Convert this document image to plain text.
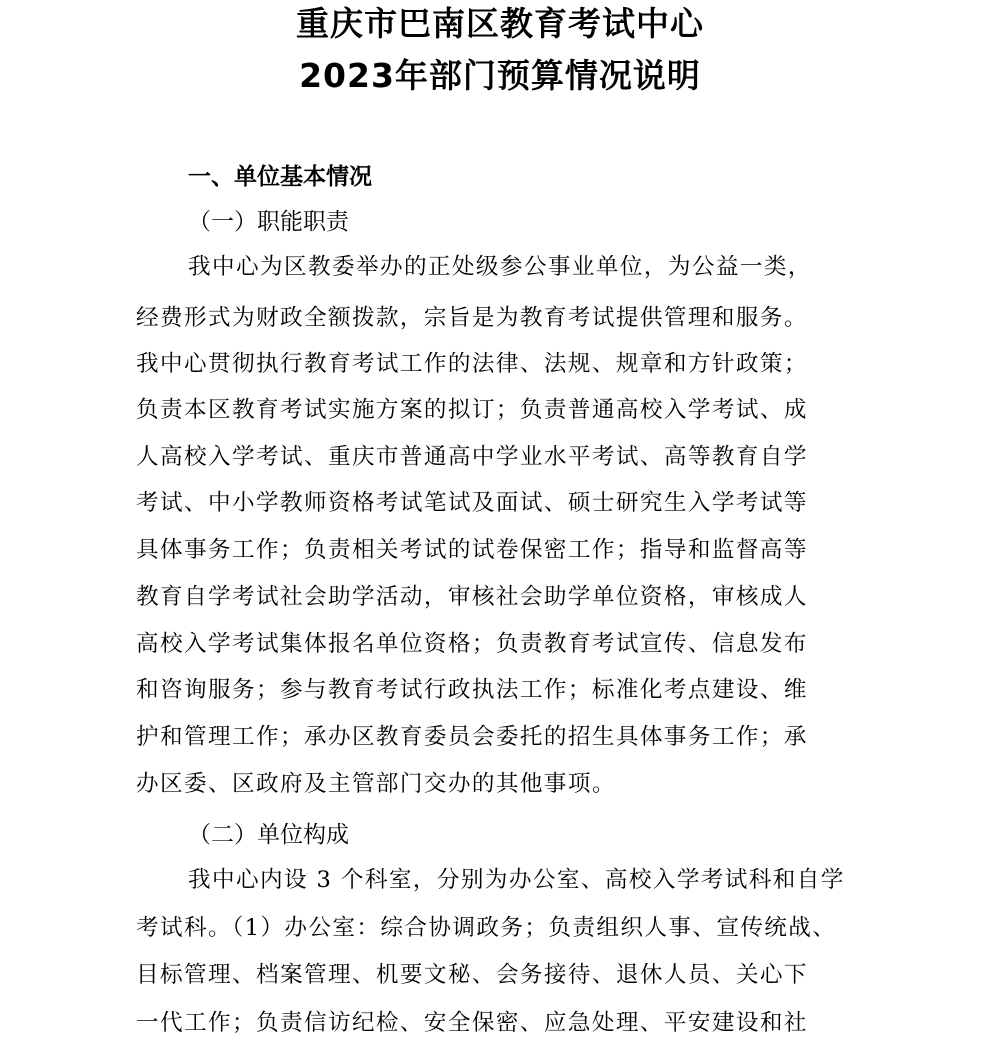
重庆市巴南区教育考试中心
2023年部门预算情况说明
一、单位基本情况
（一）职能职责
我中心为区教委举办的正处级参公事业单位，为公益一类，
经费形式为财政全额拨款，宗旨是为教育考试提供管理和服务。
我中心贯彻执行教育考试工作的法律、法规、规章和方针政策；
负责本区教育考试实施方案的拟订；负责普通高校入学考试、成
人高校入学考试、重庆市普通高中学业水平考试、高等教育自学
考试、中小学教师资格考试笔试及面试、硕士研究生入学考试等
具体事务工作；负责相关考试的试卷保密工作；指导和监督高等
教育自学考试社会助学活动，审核社会助学单位资格，审核成人
高校入学考试集体报名单位资格；负责教育考试宣传、信息发布
和咨询服务；参与教育考试行政执法工作；标准化考点建设、维
护和管理工作；承办区教育委员会委托的招生具体事务工作；承
办区委、区政府及主管部门交办的其他事项。
（二）单位构成
我中心内设 3 个科室，分别为办公室、高校入学考试科和自学
考试科。（1）办公室：综合协调政务；负责组织人事、宣传统战、
目标管理、档案管理、机要文秘、会务接待、退休人员、关心下
一代工作；负责信访纪检、安全保密、应急处理、平安建设和社
